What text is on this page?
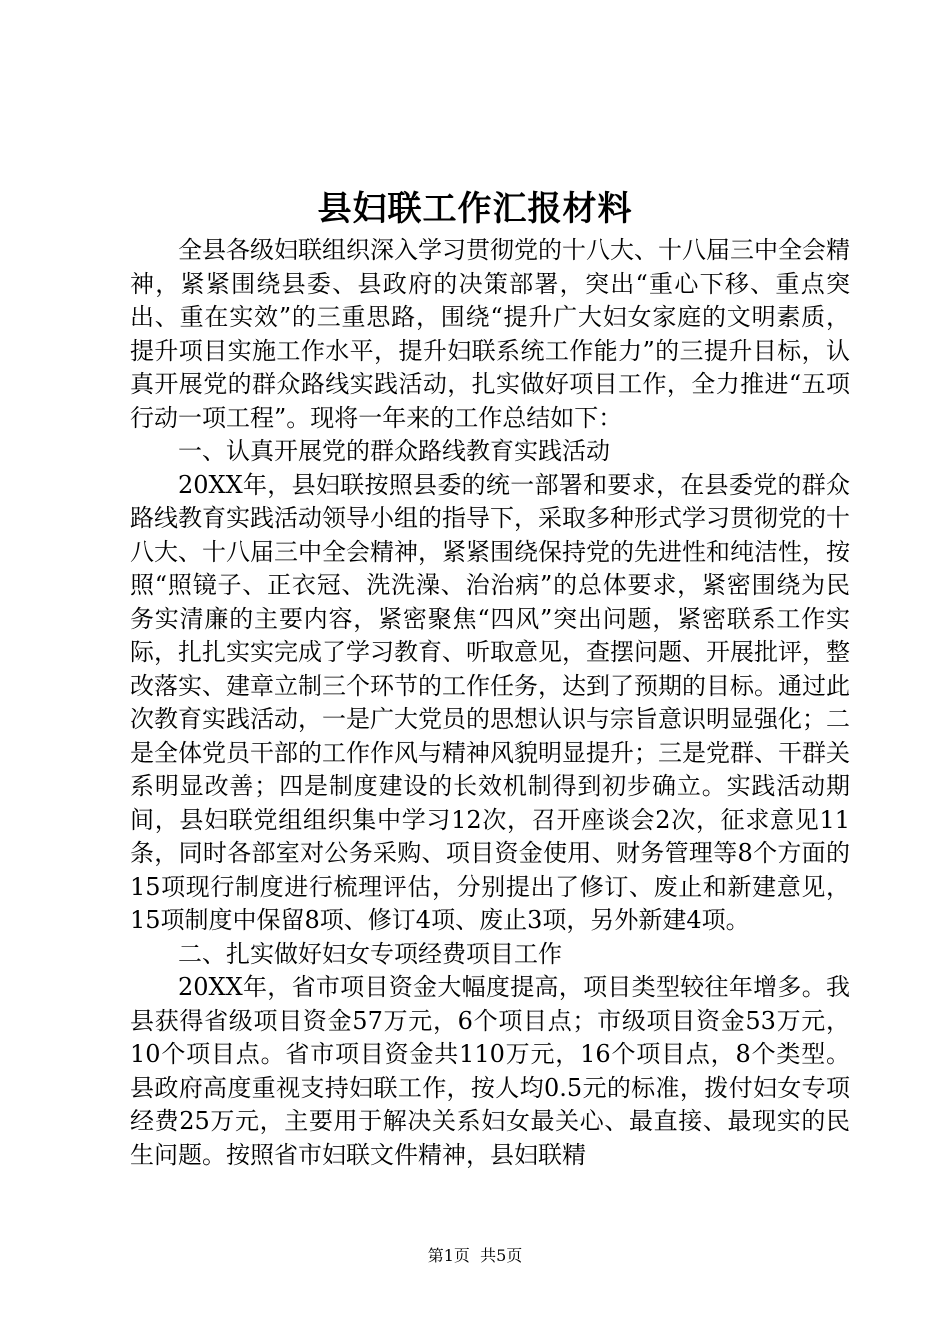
县妇联工作汇报材料

全县各级妇联组织深入学习贯彻党的十八大、十八届三中全会精神，紧紧围绕县委、县政府的决策部署，突出“重心下移、重点突出、重在实效”的三重思路，围绕“提升广大妇女家庭的文明素质，提升项目实施工作水平，提升妇联系统工作能力”的三提升目标，认真开展党的群众路线实践活动，扎实做好项目工作，全力推进“五项行动一项工程”。现将一年来的工作总结如下：

一、认真开展党的群众路线教育实践活动

20XX年，县妇联按照县委的统一部署和要求，在县委党的群众路线教育实践活动领导小组的指导下，采取多种形式学习贯彻党的十八大、十八届三中全会精神，紧紧围绕保持党的先进性和纯洁性，按照“照镜子、正衣冠、洗洗澡、治治病”的总体要求，紧密围绕为民务实清廉的主要内容，紧密聚焦“四风”突出问题，紧密联系工作实际，扎扎实实完成了学习教育、听取意见，查摆问题、开展批评，整改落实、建章立制三个环节的工作任务，达到了预期的目标。通过此次教育实践活动，一是广大党员的思想认识与宗旨意识明显强化；二是全体党员干部的工作作风与精神风貌明显提升；三是党群、干群关系明显改善；四是制度建设的长效机制得到初步确立。实践活动期间，县妇联党组组织集中学习12次，召开座谈会2次，征求意见11条，同时各部室对公务采购、项目资金使用、财务管理等8个方面的15项现行制度进行梳理评估，分别提出了修订、废止和新建意见，15项制度中保留8项、修订4项、废止3项，另外新建4项。

二、扎实做好妇女专项经费项目工作

20XX年，省市项目资金大幅度提高，项目类型较往年增多。我县获得省级项目资金57万元，6个项目点；市级项目资金53万元，10个项目点。省市项目资金共110万元，16个项目点，8个类型。县政府高度重视支持妇联工作，按人均0.5元的标准，拨付妇女专项经费25万元，主要用于解决关系妇女最关心、最直接、最现实的民生问题。按照省市妇联文件精神，县妇联精

第1页  共5页
